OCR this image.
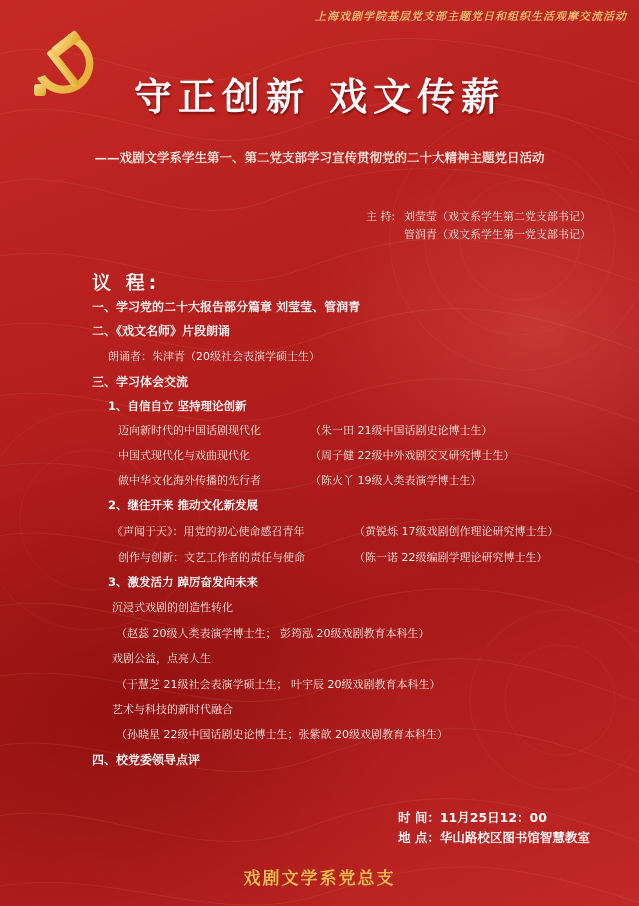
上海戏剧学院基层党支部主题党日和组织生活观摩交流活动
守正创新 戏文传薪
——戏剧文学系学生第一、第二党支部学习宣传贯彻党的二十大精神主题党日活动
主 持: 刘莹莹（戏文系学生第二党支部书记）
管润青（戏文系学生第一党支部书记）
议 程:
一、学习党的二十大报告部分篇章 刘莹莹、管润青
二、《戏文名师》片段朗诵
朗诵者：朱津青（20级社会表演学硕士生）
三、学习体会交流
1、自信自立 坚持理论创新
迈向新时代的中国话剧现代化	（朱一田 21级中国话剧史论博士生）
中国式现代化与戏曲现代化	（周子健 22级中外戏剧交叉研究博士生）
做中华文化海外传播的先行者	（陈火丫 19级人类表演学博士生）
2、继往开来 推动文化新发展
《声闻于天》：用党的初心使命感召青年	（黄锐烁 17级戏剧创作理论研究博士生）
创作与创新：文艺工作者的责任与使命	（陈一诺 22级编剧学理论研究博士生）
3、激发活力 踔厉奋发向未来
沉浸式戏剧的创造性转化
（赵蕊 20级人类表演学博士生； 彭筠泓 20级戏剧教育本科生）
戏剧公益，点亮人生
（于慧芝 21级社会表演学硕士生； 叶宇辰 20级戏剧教育本科生）
艺术与科技的新时代融合
（孙晓星 22级中国话剧史论博士生；张紫歆 20级戏剧教育本科生）
四、校党委领导点评
时 间：11月25日12：00
地 点：华山路校区图书馆智慧教室
戏剧文学系党总支
